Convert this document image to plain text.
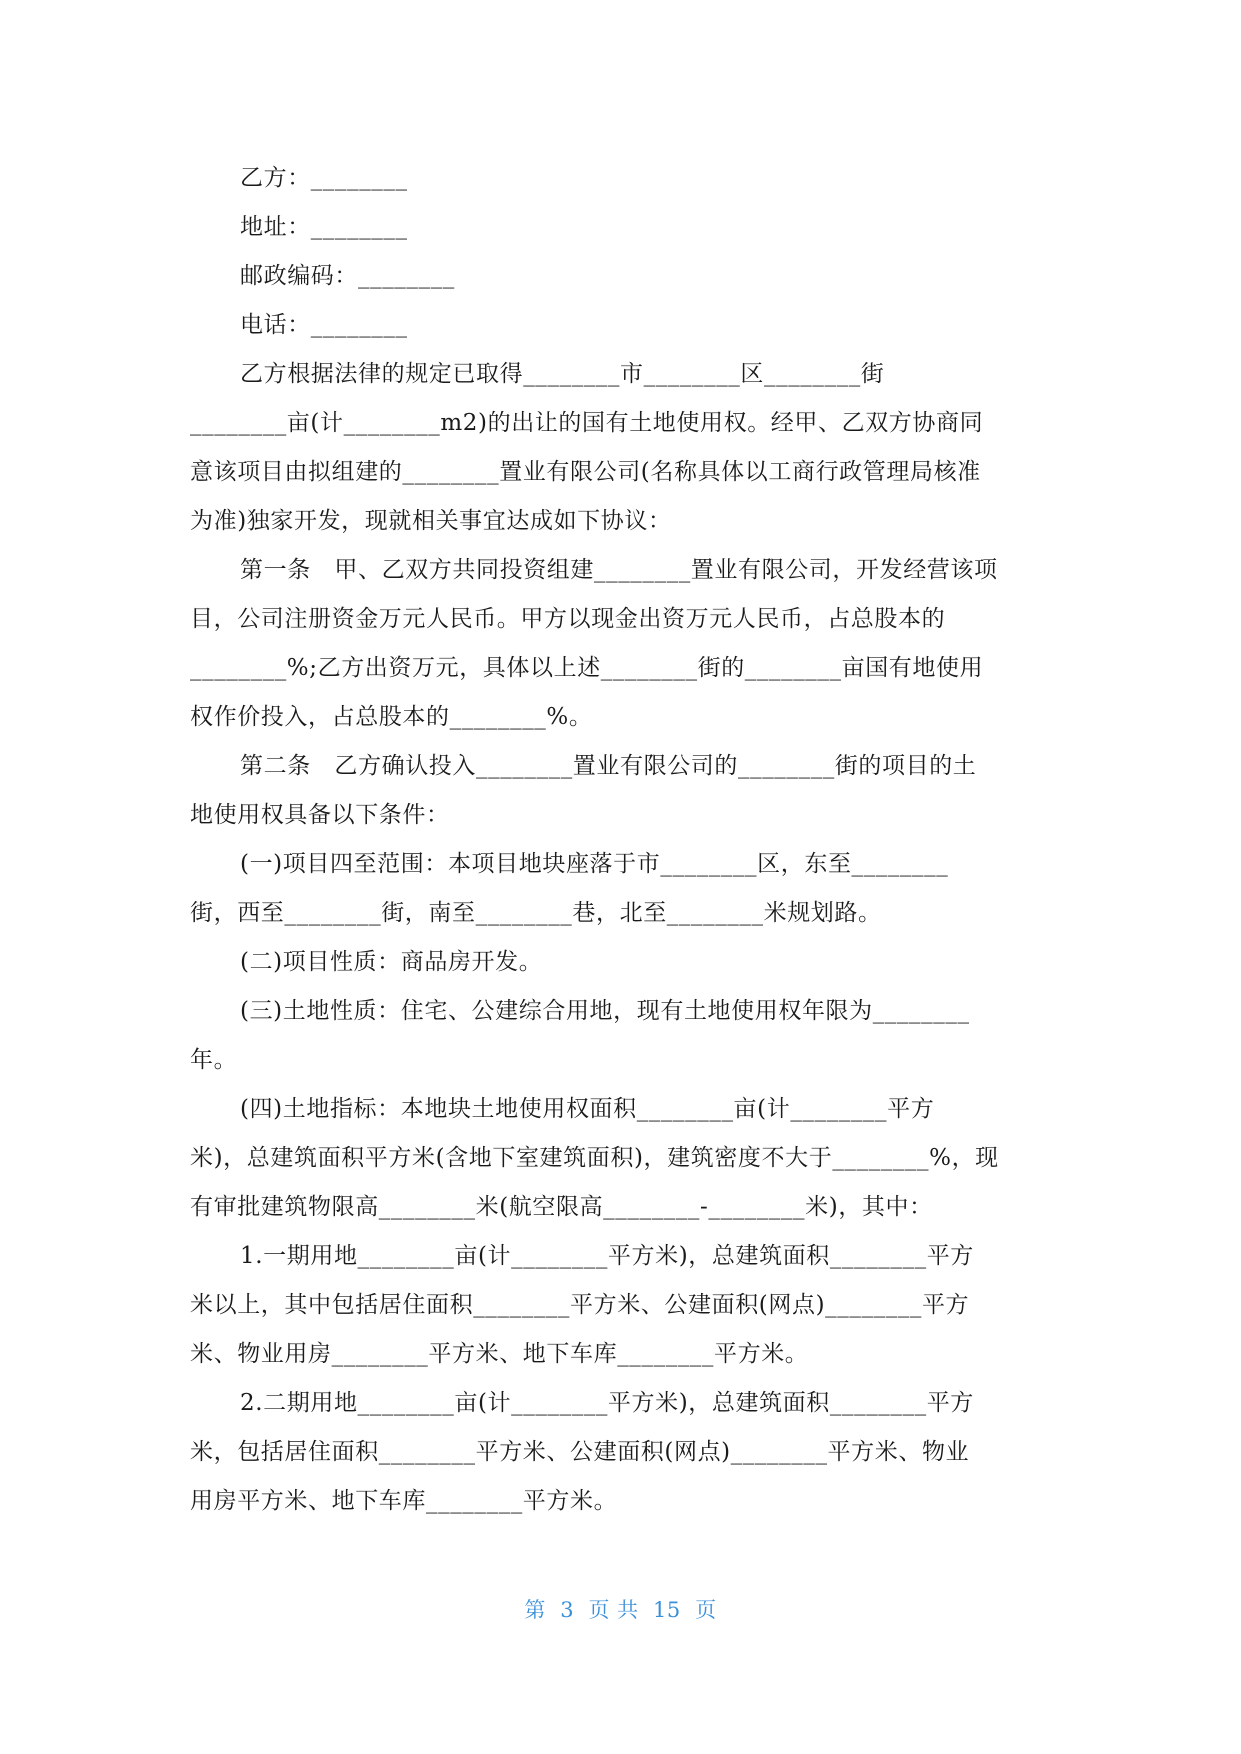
乙方：________
地址：________
邮政编码：________
电话：________
乙方根据法律的规定已取得________市________区________街
________亩(计________m2)的出让的国有土地使用权。经甲、乙双方协商同
意该项目由拟组建的________置业有限公司(名称具体以工商行政管理局核准
为准)独家开发，现就相关事宜达成如下协议：
第一条　甲、乙双方共同投资组建________置业有限公司，开发经营该项
目，公司注册资金万元人民币。甲方以现金出资万元人民币，占总股本的
________%;乙方出资万元，具体以上述________街的________亩国有地使用
权作价投入，占总股本的________%。
第二条　乙方确认投入________置业有限公司的________街的项目的土
地使用权具备以下条件：
(一)项目四至范围：本项目地块座落于市________区，东至________
街，西至________街，南至________巷，北至________米规划路。
(二)项目性质：商品房开发。
(三)土地性质：住宅、公建综合用地，现有土地使用权年限为________
年。
(四)土地指标：本地块土地使用权面积________亩(计________平方
米)，总建筑面积平方米(含地下室建筑面积)，建筑密度不大于________%，现
有审批建筑物限高________米(航空限高________-________米)，其中：
1.一期用地________亩(计________平方米)，总建筑面积________平方
米以上，其中包括居住面积________平方米、公建面积(网点)________平方
米、物业用房________平方米、地下车库________平方米。
2.二期用地________亩(计________平方米)，总建筑面积________平方
米，包括居住面积________平方米、公建面积(网点)________平方米、物业
用房平方米、地下车库________平方米。
第  3  页 共  15  页
